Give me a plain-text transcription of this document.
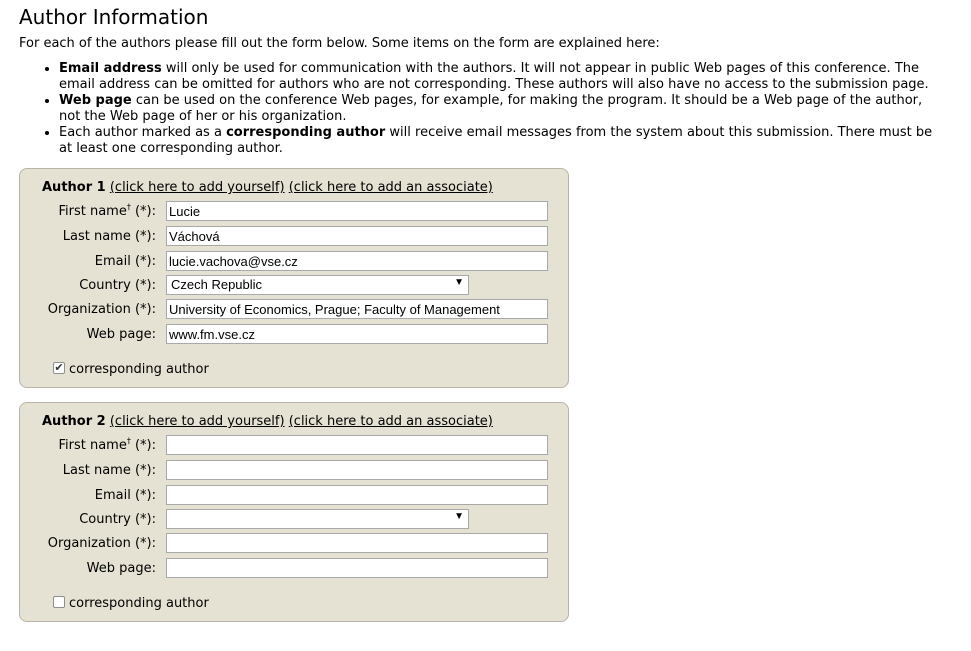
Author Information
For each of the authors please fill out the form below. Some items on the form are explained here:
• Email address will only be used for communication with the authors. It will not appear in public Web pages of this conference. The email address can be omitted for authors who are not corresponding. These authors will also have no access to the submission page.
• Web page can be used on the conference Web pages, for example, for making the program. It should be a Web page of the author, not the Web page of her or his organization.
• Each author marked as a corresponding author will receive email messages from the system about this submission. There must be at least one corresponding author.
Author 1 (click here to add yourself) (click here to add an associate)
First name† (*):
Lucie
Last name (*):
Váchová
Email (*):
lucie.vachova@vse.cz
Country (*):	Czech Republic	▼
Organization (*):
University of Economics, Prague; Faculty of Management
Web page:
www.fm.vse.cz
✔ corresponding author
Author 2 (click here to add yourself) (click here to add an associate)
First name† (*):
Last name (*):
Email (*):
Country (*):	▼
Organization (*):
Web page:
corresponding author
